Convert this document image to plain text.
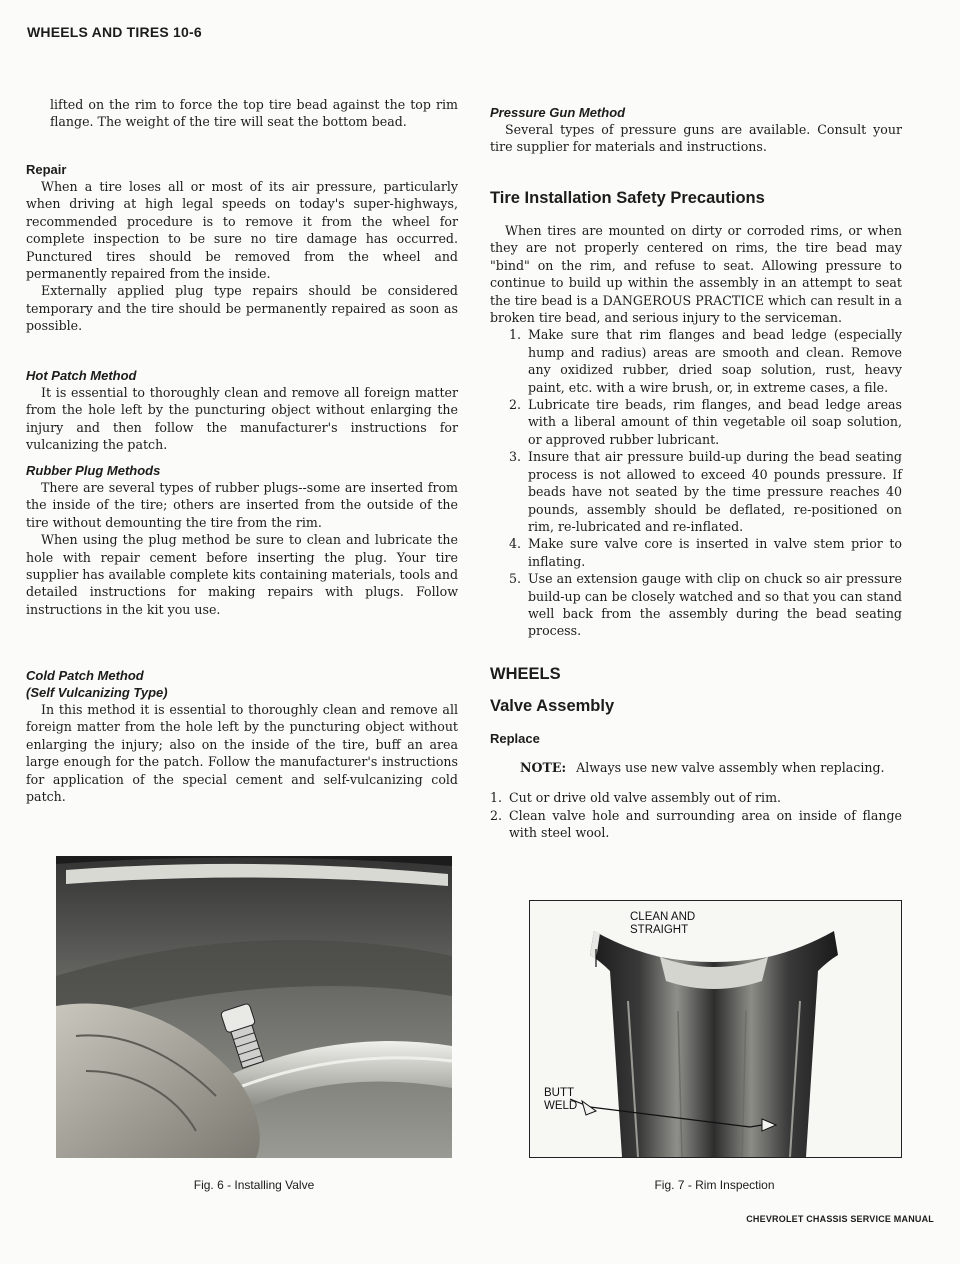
WHEELS AND TIRES 10-6

lifted on the rim to force the top tire bead against the top rim flange. The weight of the tire will seat the bottom bead.

Repair

When a tire loses all or most of its air pressure, particularly when driving at high legal speeds on today's super-highways, recommended procedure is to remove it from the wheel for complete inspection to be sure no tire damage has occurred. Punctured tires should be removed from the wheel and permanently repaired from the inside.

Externally applied plug type repairs should be considered temporary and the tire should be permanently repaired as soon as possible.

Hot Patch Method

It is essential to thoroughly clean and remove all foreign matter from the hole left by the puncturing object without enlarging the injury and then follow the manufacturer's instructions for vulcanizing the patch.

Rubber Plug Methods

There are several types of rubber plugs--some are inserted from the inside of the tire; others are inserted from the outside of the tire without demounting the tire from the rim.

When using the plug method be sure to clean and lubricate the hole with repair cement before inserting the plug. Your tire supplier has available complete kits containing materials, tools and detailed instructions for making repairs with plugs. Follow instructions in the kit you use.

Cold Patch Method
(Self Vulcanizing Type)

In this method it is essential to thoroughly clean and remove all foreign matter from the hole left by the puncturing object without enlarging the injury; also on the inside of the tire, buff an area large enough for the patch. Follow the manufacturer's instructions for application of the special cement and self-vulcanizing cold patch.

Fig. 6 - Installing Valve
Pressure Gun Method

Several types of pressure guns are available. Consult your tire supplier for materials and instructions.

Tire Installation Safety Precautions

When tires are mounted on dirty or corroded rims, or when they are not properly centered on rims, the tire bead may "bind" on the rim, and refuse to seat. Allowing pressure to continue to build up within the assembly in an attempt to seat the tire bead is a DANGEROUS PRACTICE which can result in a broken tire bead, and serious injury to the serviceman.

1. Make sure that rim flanges and bead ledge (especially hump and radius) areas are smooth and clean. Remove any oxidized rubber, dried soap solution, rust, heavy paint, etc. with a wire brush, or, in extreme cases, a file.
2. Lubricate tire beads, rim flanges, and bead ledge areas with a liberal amount of thin vegetable oil soap solution, or approved rubber lubricant.
3. Insure that air pressure build-up during the bead seating process is not allowed to exceed 40 pounds pressure. If beads have not seated by the time pressure reaches 40 pounds, assembly should be deflated, re-positioned on rim, re-lubricated and re-inflated.
4. Make sure valve core is inserted in valve stem prior to inflating.
5. Use an extension gauge with clip on chuck so air pressure build-up can be closely watched and so that you can stand well back from the assembly during the bead seating process.
WHEELS
Valve Assembly
Replace

NOTE: Always use new valve assembly when replacing.

1. Cut or drive old valve assembly out of rim.
2. Clean valve hole and surrounding area on inside of flange with steel wool.
CLEAN AND STRAIGHT
BUTT WELD
Fig. 7 - Rim Inspection
CHEVROLET CHASSIS SERVICE MANUAL
